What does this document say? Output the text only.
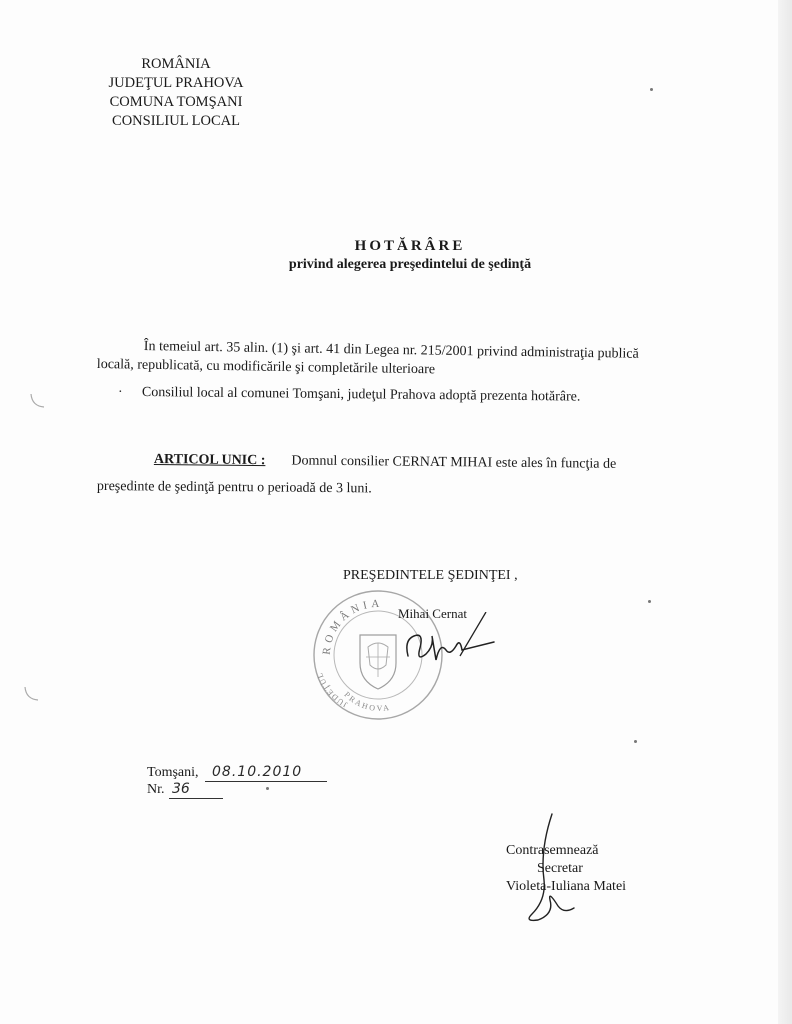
ROMÂNIA
JUDEŢUL PRAHOVA
COMUNA TOMŞANI
CONSILIUL LOCAL
HOTĂRÂRE
privind alegerea preşedintelui de şedinţă
În temeiul art. 35 alin. (1) şi art. 41 din Legea nr. 215/2001 privind administraţia publică
locală, republicată, cu modificările şi completările ulterioare
· Consiliul local al comunei Tomşani, judeţul Prahova adoptă prezenta hotărâre.
ARTICOL UNIC : Domnul consilier CERNAT MIHAI este ales în funcţia de
preşedinte de şedinţă pentru o perioadă de 3 luni.
PREŞEDINTELE ŞEDINŢEI ,
ROMÂNIA
JUDEŢUL
PRAHOVA
Mihai Cernat
Tomşani, 08.10.2010
Nr. 36
Contrasemnează
Secretar
Violeta-Iuliana Matei
